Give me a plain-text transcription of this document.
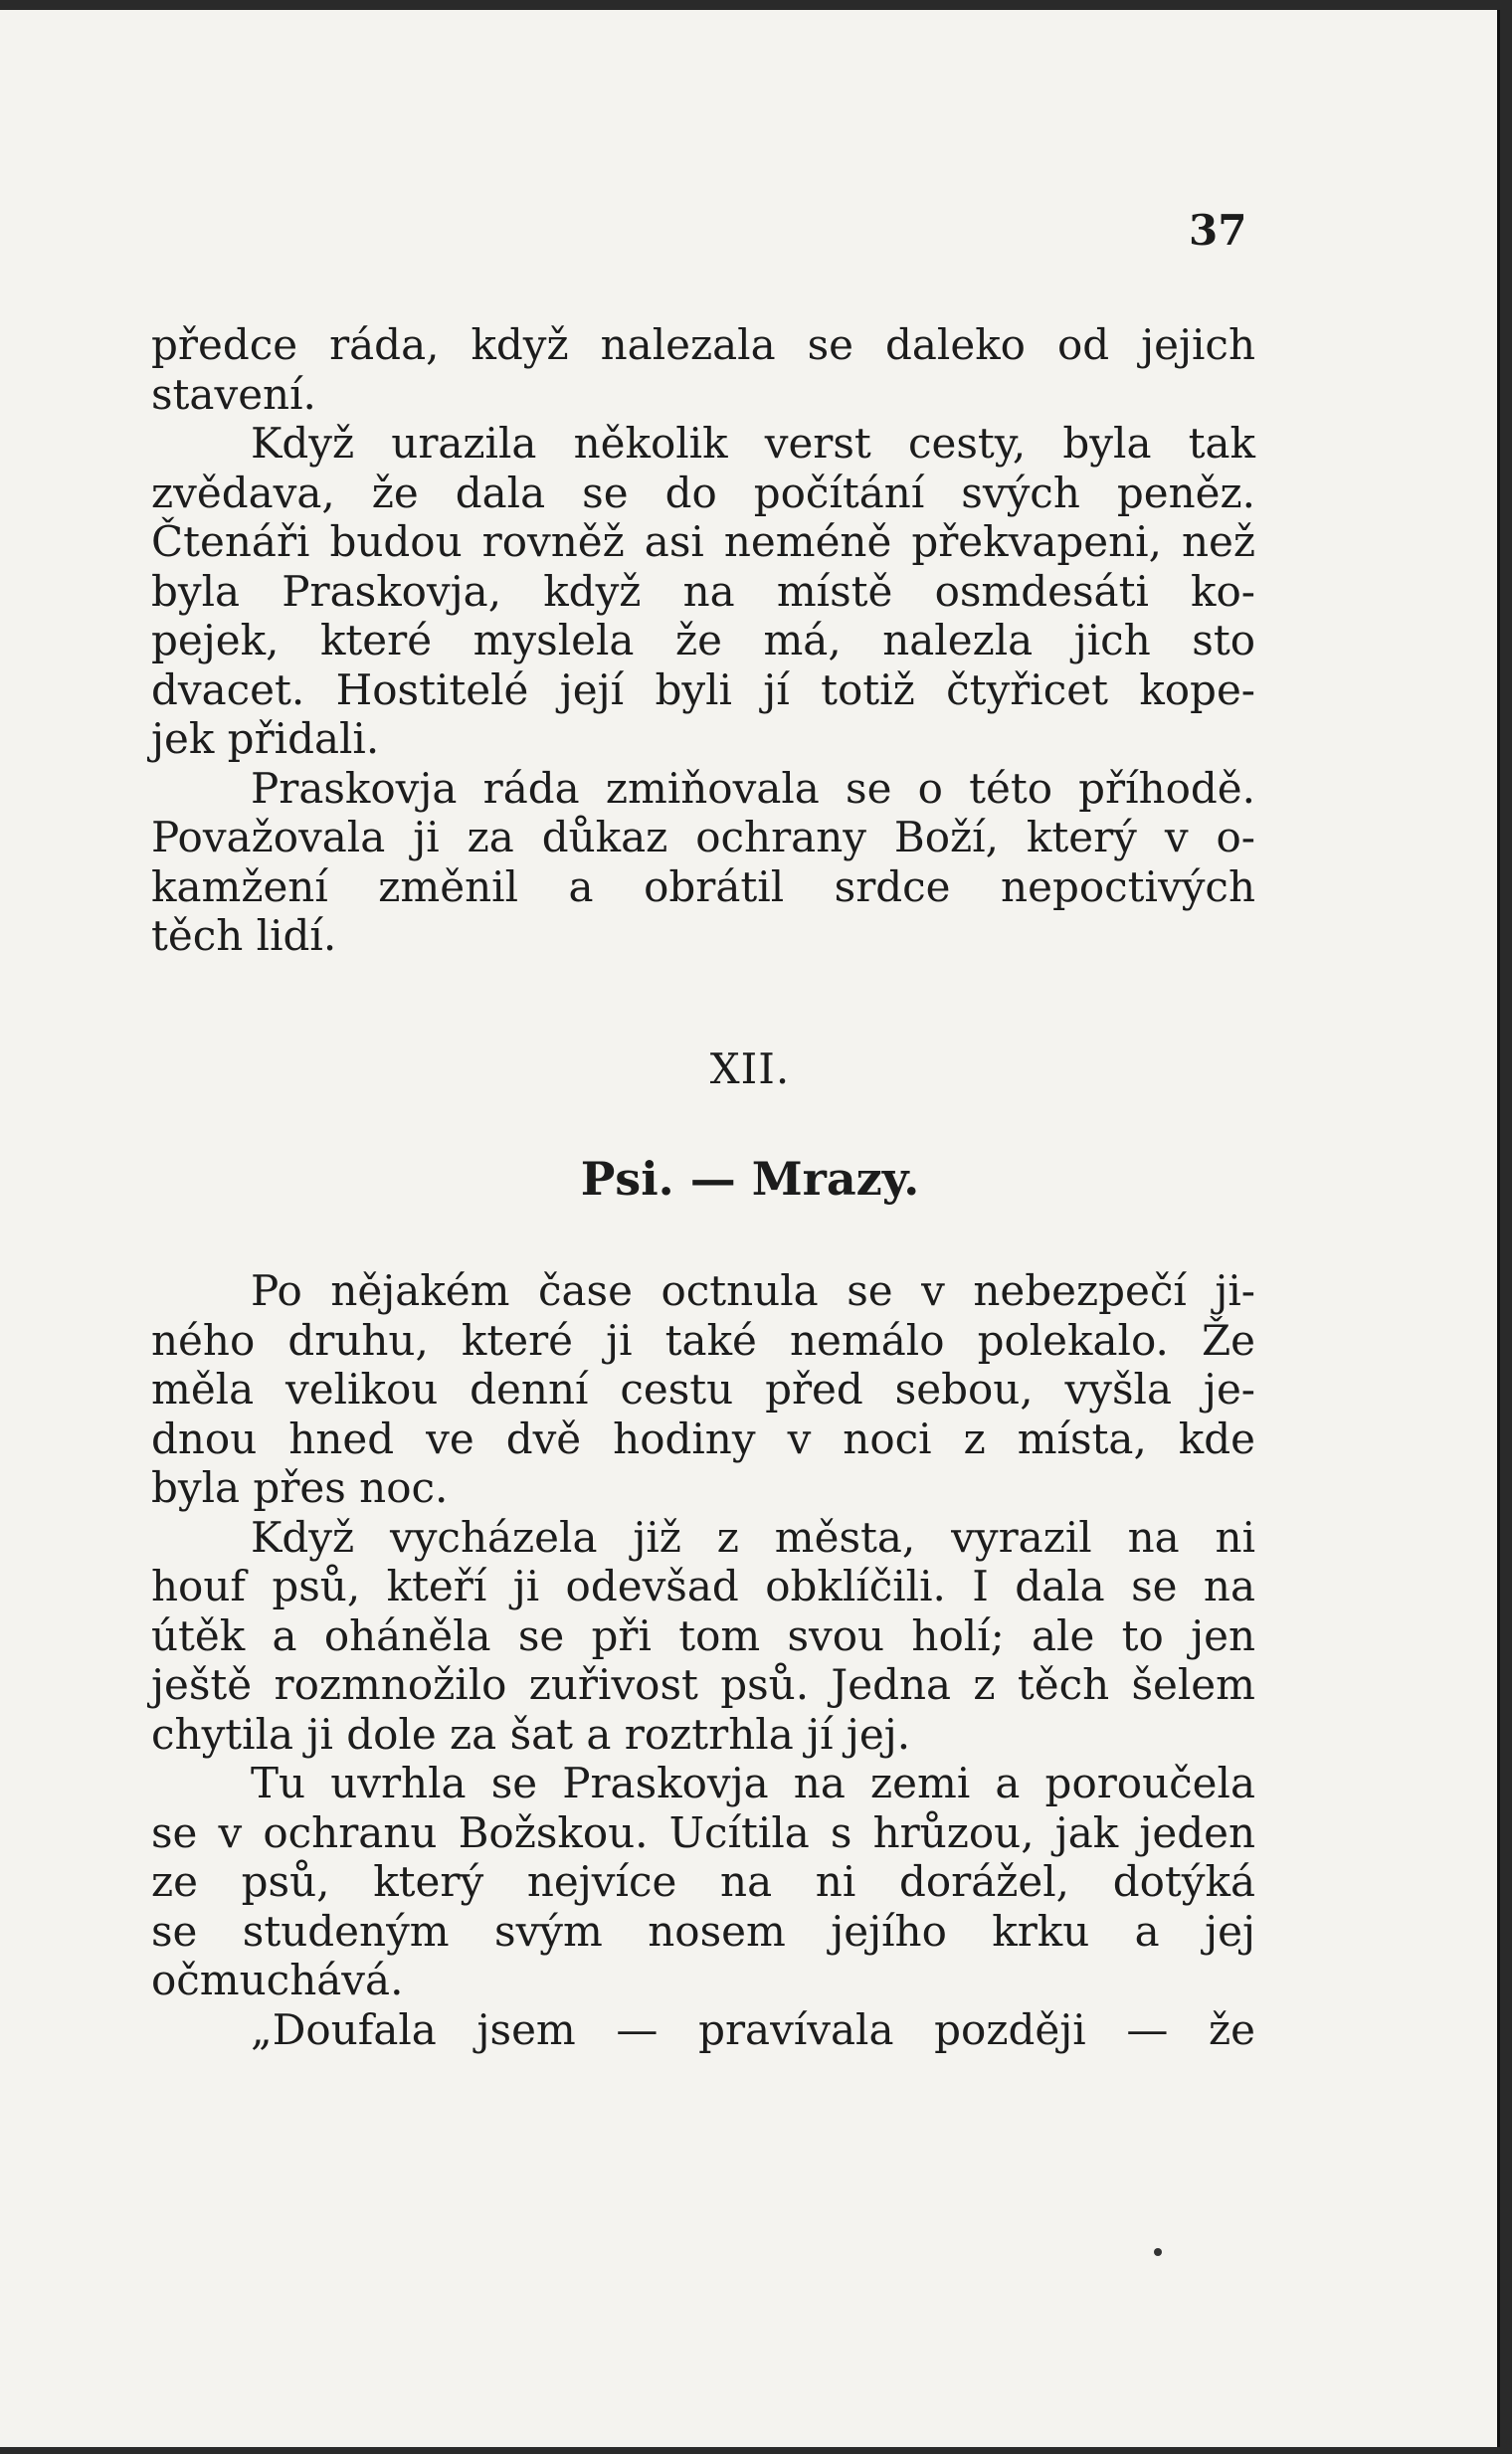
37
předce ráda, když nalezala se daleko od jejich
stavení.
Když urazila několik verst cesty, byla tak
zvědava, že dala se do počítání svých peněz.
Čtenáři budou rovněž asi neméně překvapeni, než
byla Praskovja, když na místě osmdesáti ko-
pejek, které myslela že má, nalezla jich sto
dvacet. Hostitelé její byli jí totiž čtyřicet kope-
jek přidali.
Praskovja ráda zmiňovala se o této příhodě.
Považovala ji za důkaz ochrany Boží, který v o-
kamžení změnil a obrátil srdce nepoctivých
těch lidí.
XII.
Psi. — Mrazy.
Po nějakém čase octnula se v nebezpečí ji-
ného druhu, které ji také nemálo polekalo. Že
měla velikou denní cestu před sebou, vyšla je-
dnou hned ve dvě hodiny v noci z místa, kde
byla přes noc.
Když vycházela již z města, vyrazil na ni
houf psů, kteří ji odevšad obklíčili. I dala se na
útěk a oháněla se při tom svou holí; ale to jen
ještě rozmnožilo zuřivost psů. Jedna z těch šelem
chytila ji dole za šat a roztrhla jí jej.
Tu uvrhla se Praskovja na zemi a poroučela
se v ochranu Božskou. Ucítila s hrůzou, jak jeden
ze psů, který nejvíce na ni dorážel, dotýká
se studeným svým nosem jejího krku a jej
očmuchává.
„Doufala jsem — pravívala později — že
